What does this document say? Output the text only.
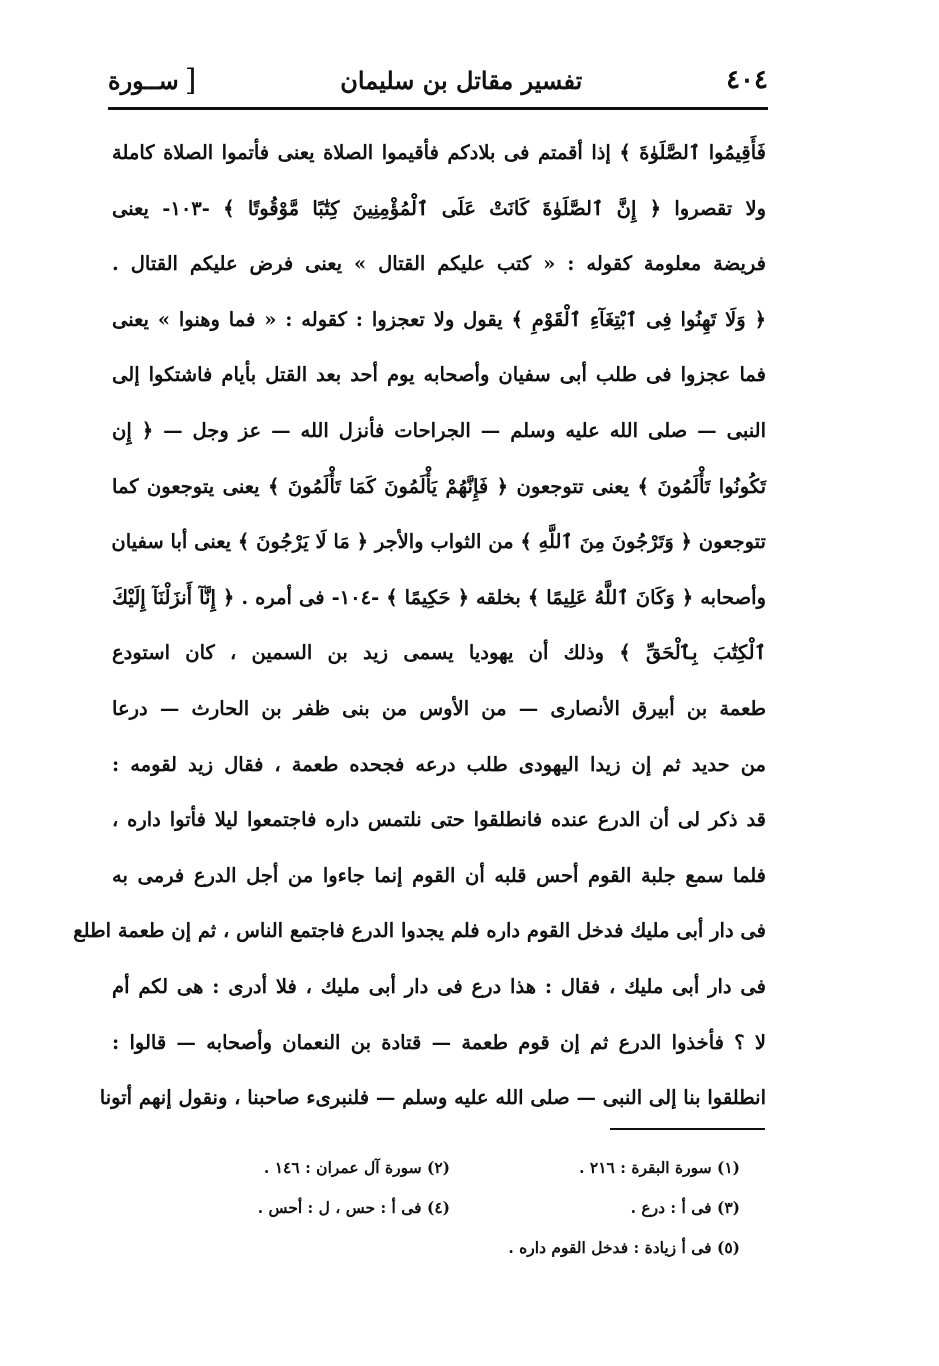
٤٠٤
تفسير مقاتل بن سليمان
[
ســورة
فَأَقِيمُوا ٱلصَّلَوٰةَ ﴾ إذا أقمتم فى بلادكم فأقيموا الصلاة يعنى فأتموا الصلاة كاملة
ولا تقصروا ﴿ إِنَّ ٱلصَّلَوٰةَ كَانَتْ عَلَى ٱلْمُؤْمِنِينَ كِتَٰبًا مَّوْقُوتًا ﴾ -١٠٣- يعنى
فريضة معلومة كقوله : « كتب عليكم القتال » يعنى فرض عليكم القتال .
﴿ وَلَا تَهِنُوا فِى ٱبْتِغَآءِ ٱلْقَوْمِ ﴾ يقول ولا تعجزوا : كقوله : « فما وهنوا » يعنى
فما عجزوا فى طلب أبى سفيان وأصحابه يوم أحد بعد القتل بأيام فاشتكوا إلى
النبى — صلى الله عليه وسلم — الجراحات فأنزل الله — عز وجل — ﴿ إِن
تَكُونُوا تَأْلَمُونَ ﴾ يعنى تتوجعون ﴿ فَإِنَّهُمْ يَأْلَمُونَ كَمَا تَأْلَمُونَ ﴾ يعنى يتوجعون كما
تتوجعون ﴿ وَتَرْجُونَ مِنَ ٱللَّهِ ﴾ من الثواب والأجر ﴿ مَا لَا يَرْجُونَ ﴾ يعنى أبا سفيان
وأصحابه ﴿ وَكَانَ ٱللَّهُ عَلِيمًا ﴾ بخلقه ﴿ حَكِيمًا ﴾ -١٠٤- فى أمره . ﴿ إِنَّآ أَنزَلْنَآ إِلَيْكَ
ٱلْكِتَٰبَ بِٱلْحَقِّ ﴾ وذلك أن يهوديا يسمى زيد بن السمين ، كان استودع
طعمة بن أبيرق الأنصارى — من الأوس من بنى ظفر بن الحارث — درعا
من حديد ثم إن زيدا اليهودى طلب درعه فجحده طعمة ، فقال زيد لقومه :
قد ذكر لى أن الدرع عنده فانطلقوا حتى نلتمس داره فاجتمعوا ليلا فأتوا داره ،
فلما سمع جلبة القوم أحس قلبه أن القوم إنما جاءوا من أجل الدرع فرمى به
فى دار أبى مليك فدخل القوم داره فلم يجدوا الدرع فاجتمع الناس ، ثم إن طعمة اطلع
فى دار أبى مليك ، فقال : هذا درع فى دار أبى مليك ، فلا أدرى : هى لكم أم
لا ؟ فأخذوا الدرع ثم إن قوم طعمة — قتادة بن النعمان وأصحابه — قالوا :
انطلقوا بنا إلى النبى — صلى الله عليه وسلم — فلنبرىء صاحبنا ، ونقول إنهم أتونا
(١) سورة البقرة : ٢١٦ .
(٢) سورة آل عمران : ١٤٦ .
(٣) فى أ : درع .
(٤) فى أ : حس ، ل : أحس .
(٥) فى أ زيادة : فدخل القوم داره .
